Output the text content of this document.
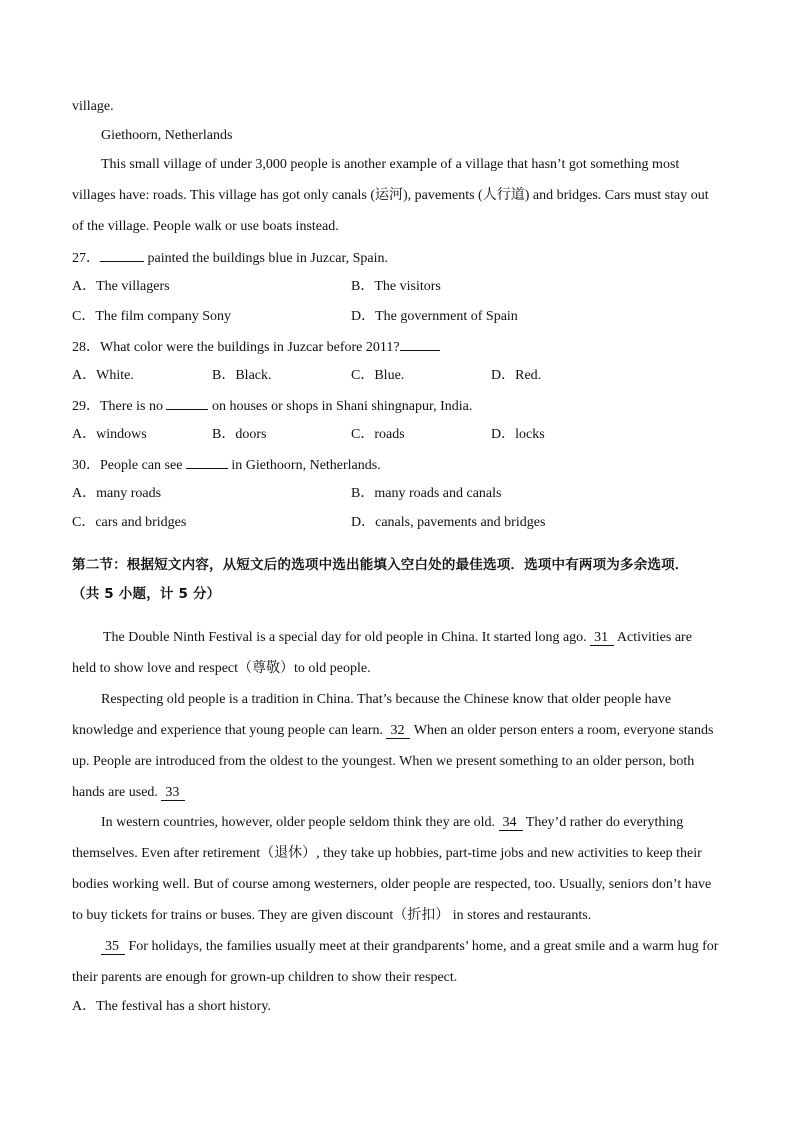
village.
Giethoorn, Netherlands
This small village of under 3,000 people is another example of a village that hasn’t got something most
villages have: roads. This village has got only canals (运河), pavements (人行道) and bridges. Cars must stay out
of the village. People walk or use boats instead.
27．	painted the buildings blue in Juzcar, Spain.
A．The villagers	B．The visitors
C．The film company Sony	D．The government of Spain
28．What color were the buildings in Juzcar before 2011?
A．White.	B．Black.	C．Blue.	D．Red.
29．There is no	on houses or shops in Shani shingnapur, India.
A．windows	B．doors	C．roads	D．locks
30．People can see	in Giethoorn, Netherlands.
A．many roads	B．many roads and canals
C．cars and bridges	D．canals, pavements and bridges
第二节：根据短文内容，从短文后的选项中选出能填入空白处的最佳选项．选项中有两项为多余选项．
（共 5 小题，计 5 分）
The Double Ninth Festival is a special day for old people in China. It started long ago. 31 Activities are
held to show love and respect（尊敬）to old people.
Respecting old people is a tradition in China. That’s because the Chinese know that older people have
knowledge and experience that young people can learn. 32 When an older person enters a room, everyone stands
up. People are introduced from the oldest to the youngest. When we present something to an older person, both
hands are used. 33
In western countries, however, older people seldom think they are old. 34 They’d rather do everything
themselves. Even after retirement（退休）, they take up hobbies, part-time jobs and new activities to keep their
bodies working well. But of course among westerners, older people are respected, too. Usually, seniors don’t have
to buy tickets for trains or buses. They are given discount（折扣） in stores and restaurants.
35 For holidays, the families usually meet at their grandparents’ home, and a great smile and a warm hug for
their parents are enough for grown-up children to show their respect.
A．The festival has a short history.
